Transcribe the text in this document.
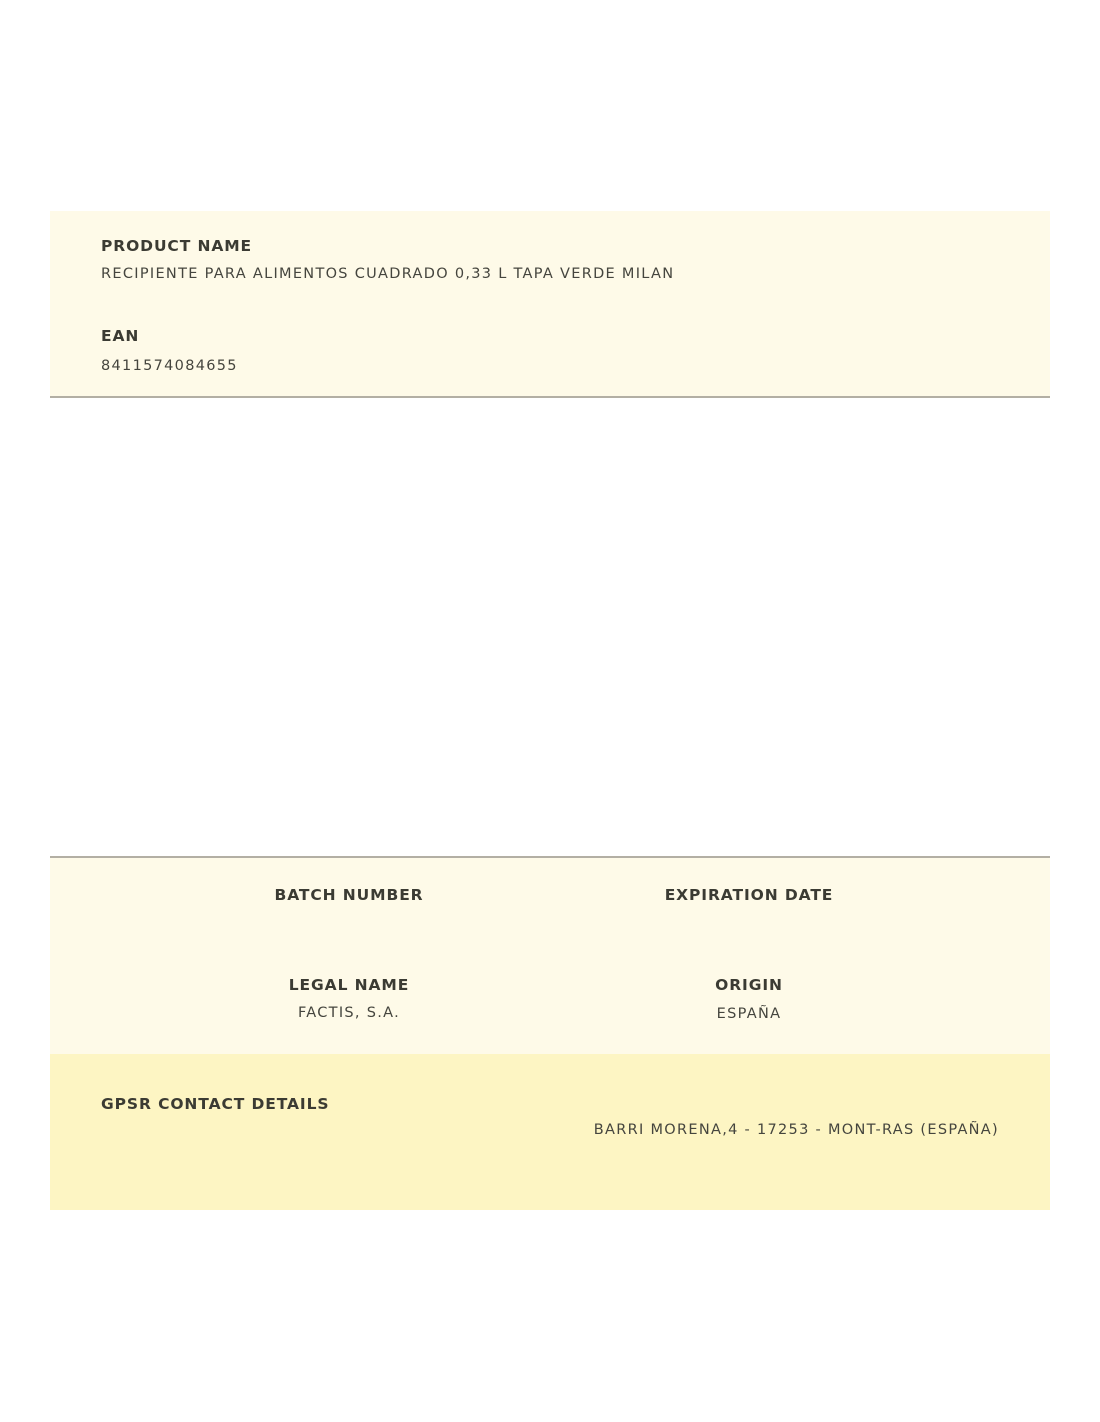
PRODUCT NAME
RECIPIENTE PARA ALIMENTOS CUADRADO 0,33 L TAPA VERDE MILAN
EAN
8411574084655
BATCH NUMBER	EXPIRATION DATE
LEGAL NAME
FACTIS, S.A.
ORIGIN
ESPAÑA
GPSR CONTACT DETAILS
BARRI MORENA,4 - 17253 - MONT-RAS (ESPAÑA)
